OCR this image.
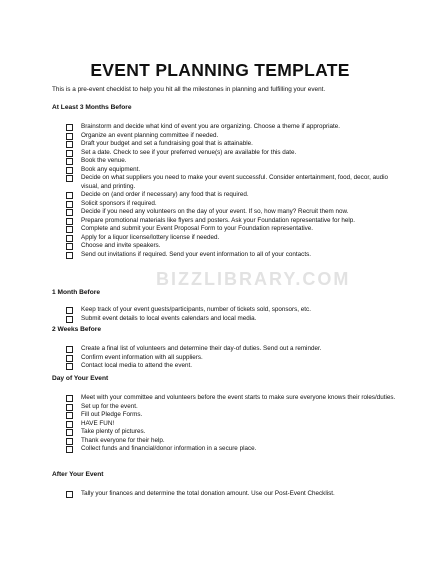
EVENT PLANNING TEMPLATE
This is a pre-event checklist to help you hit all the milestones in planning and fulfilling your event.
At Least 3 Months Before
Brainstorm and decide what kind of event you are organizing. Choose a theme if appropriate.
Organize an event planning committee if needed.
Draft your budget and set a fundraising goal that is attainable.
Set a date. Check to see if your preferred venue(s) are available for this date.
Book the venue.
Book any equipment.
Decide on what suppliers you need to make your event successful. Consider entertainment, food, decor, audio visual, and printing.
Decide on (and order if necessary) any food that is required.
Solicit sponsors if required.
Decide if you need any volunteers on the day of your event. If so, how many? Recruit them now.
Prepare promotional materials like flyers and posters. Ask your Foundation representative for help.
Complete and submit your Event Proposal Form to your Foundation representative.
Apply for a liquor license/lottery license if needed.
Choose and invite speakers.
Send out invitations if required. Send your event information to all of your contacts.
1 Month Before
Keep track of your event guests/participants, number of tickets sold, sponsors, etc.
Submit event details to local events calendars and local media.
2 Weeks Before
Create a final list of volunteers and determine their day-of duties. Send out a reminder.
Confirm event information with all suppliers.
Contact local media to attend the event.
Day of Your Event
Meet with your committee and volunteers before the event starts to make sure everyone knows their roles/duties.
Set up for the event.
Fill out Pledge Forms.
HAVE FUN!
Take plenty of pictures.
Thank everyone for their help.
Collect funds and financial/donor information in a secure place.
After Your Event
Tally your finances and determine the total donation amount. Use our Post-Event Checklist.
BIZZLIBRARY.COM
